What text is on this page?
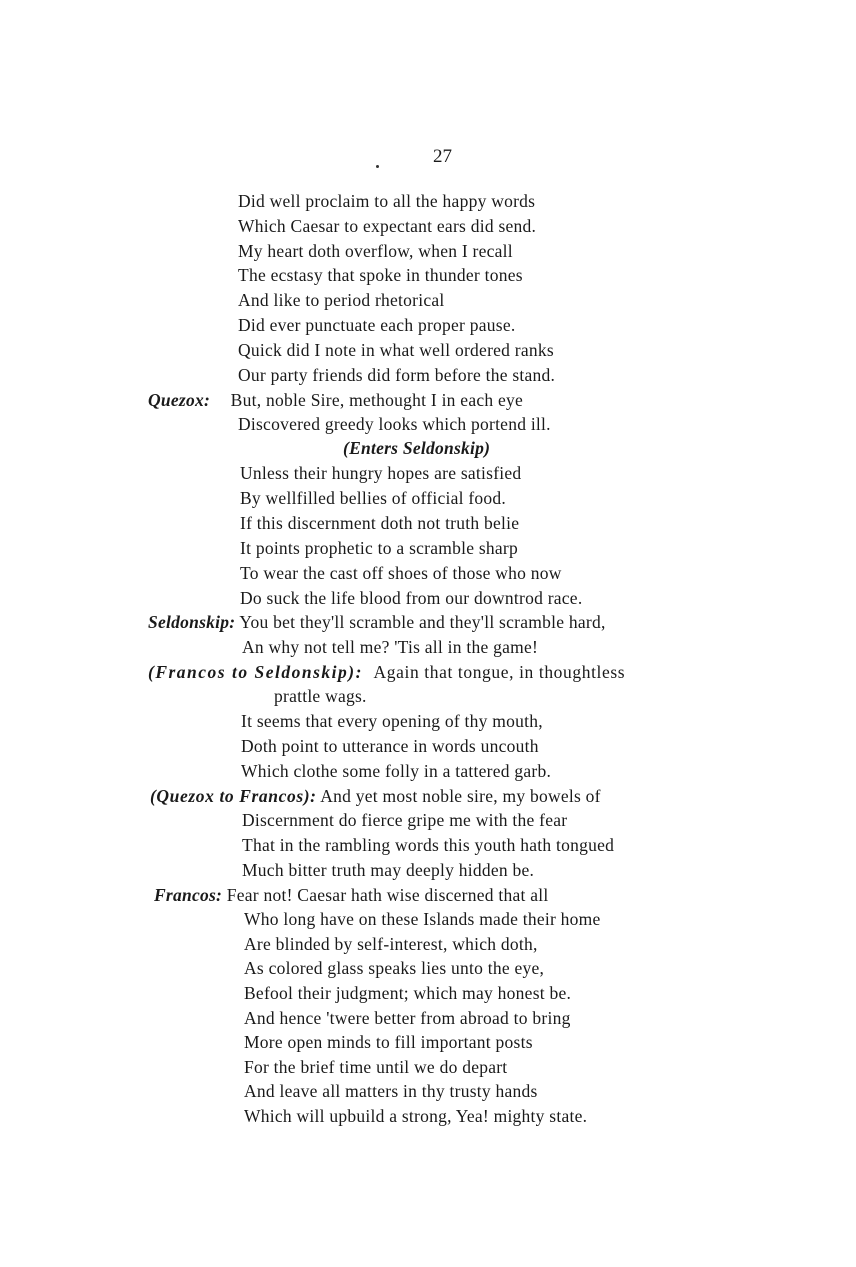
27
Did well proclaim to all the happy words
Which Caesar to expectant ears did send.
My heart doth overflow, when I recall
The ecstasy that spoke in thunder tones
And like to period rhetorical
Did ever punctuate each proper pause.
Quick did I note in what well ordered ranks
Our party friends did form before the stand.
Quezox: But, noble Sire, methought I in each eye
Discovered greedy looks which portend ill.
(Enters Seldonskip)
Unless their hungry hopes are satisfied
By wellfilled bellies of official food.
If this discernment doth not truth belie
It points prophetic to a scramble sharp
To wear the cast off shoes of those who now
Do suck the life blood from our downtrod race.
Seldonskip: You bet they'll scramble and they'll scramble hard,
An why not tell me? 'Tis all in the game!
(Francos to Seldonskip): Again that tongue, in thoughtless
prattle wags.
It seems that every opening of thy mouth,
Doth point to utterance in words uncouth
Which clothe some folly in a tattered garb.
(Quezox to Francos): And yet most noble sire, my bowels of
Discernment do fierce gripe me with the fear
That in the rambling words this youth hath tongued
Much bitter truth may deeply hidden be.
Francos: Fear not! Caesar hath wise discerned that all
Who long have on these Islands made their home
Are blinded by self-interest, which doth,
As colored glass speaks lies unto the eye,
Befool their judgment; which may honest be.
And hence 'twere better from abroad to bring
More open minds to fill important posts
For the brief time until we do depart
And leave all matters in thy trusty hands
Which will upbuild a strong, Yea! mighty state.
